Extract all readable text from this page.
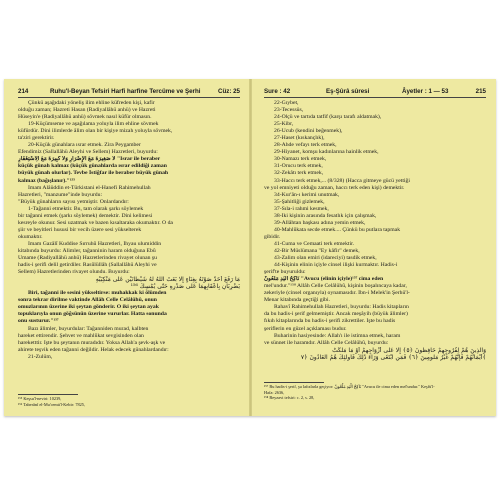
214	Ruhu'l-Beyan Tefsiri Harfi harfine Tercüme ve Şerhi	Cüz: 25
Çünkü aşağıdaki yöneliş ilim ehline küfreden kişi, kafir
olduğu zaman; Hazreti Hasan (Radiyallâhü anhü) ve Hazreti
Hüseyin'e (Radiyallâhü anhü) sövmek nasıl küfür olmasın.
19-Küçümseme ve aşağılama yoluyla ilim ehline sövmek
küfürdür. Dini ilimlerde âlim olan bir kişiye mizah yoluyla sövmek,
ta'ziri gerektirir.
20-Küçük günahlara ısrar etmek. Zira Peygamber
Efendimiz (Sallallâhü Aleyhi ve Sellem) Hazretleri, buyurdu:
لَا صَغِيرَةَ مَعَ الْإِصْرَارِ وَلَا كَبِيرَةَ مَعَ الِاسْتِغْفَارِ "Israr ile beraber
küçük günah kalmaz (küçük günahlarda ısrar edildiği zaman
büyük günah olurlar). Tevbe İstiğfar ile beraber büyük günah
kalmaz (bağışlanır)."¹⁵⁵
İmam Alâüddin et-Türkistani el-Hanefi Rahimehullah
Hazretleri, "manzume"inde buyurdu:
"Büyük günahların sayısı yetmiştir. Onlardandır:
1-Tağanni etmektir. Bu, tam olarak şarkı söylemek
bir tağanni etmek (şarkı söylemek) demektir. Dini kelimesi
kesreyle okunur. Sesi uzatmak ve bazen kısaltaraka okumaktır. O da
şiir ve beyitleri hususi bir vecih üzere sesi yükselterek
okumaktır.
İmam Gazâlî Kuddise Sırruhû Hazretleri, İhyau ulumiddin
kitabında buyurdu: Âlimler, tağanninin haram olduğuna Ebû
Umame (Radiyallâhü anhü) Hazretlerinden rivayet olunan şu
hadis-i şerifi delil getirdiler. Rasûlüllâh (Sallallâhü Aleyhi ve
Sellem) Hazretlerinden rivayet olundu. Buyurdu:
مَا رَفَعَ أَحَدٌ صَوْتَهُ بِغِنَاءٍ إِلَّا بَعَثَ اللّٰهُ لَهُ شَيْطَانَيْنِ عَلَى مَنْكِبَيْهِ
يَضْرِبَانِ بِأَعْقَابِهِمَا عَلَى صَدْرِهِ حَتَّى يُمْسِكَ ¹⁵⁶
Biri, tağanni ile sesini yükseltirse: muhakkak ki ölümden
sonra tekrar dirilme vaktinde Allâh Celle Celâlühû, onun
omuzlarının üzerine iki şeytan gönderir. O iki şeytan ayak
topuklarıyla onun göğsünün üzerine vururlar. Hatta sonunda
onu susturur."¹⁵⁷
Bazı âlimler, buyurdular: Tağanniden murad, kalbten
hareket ettirendir. Şehvet ve mahlûkat sevgisinden olan
hareketttir. İşte bu şeytanın muradıdır. Yoksa Allah'a şevk-aşk ve
ahirete teşvik eden tağanni değildir. Helak edecek günahlardandır:
21-Zulüm,
¹⁵⁵ Keşsu'l-neviri: 10239,
¹⁵⁶ Taberânî el-Mu'cemü'l-Kebir: 7825,
Sure : 42	Eş-Şûrâ sûresi	Âyetler : 1 — 53	215
22-Gıybet,
23-Tecessüs,
24-Ölçü ve tartıda tatfif (karşı tarafı aldatmak),
25-Kibr,
26-Ucub (kendini beğenmek),
27-Haset (kıskançlık),
28-Ahde vefayı terk etmek,
29-Hiyanet, komşu kadınlarına hainlik etmek,
30-Namazı terk etmek,
31-Orucu terk etmek,
32-Zekâtı terk etmek,
33-Haccı terk etmek,... (8/328) (Hacca gitmeye gücü yettiği
ve yol emniyeti olduğu zaman, haccı terk eden kişi) demektir.
34-Kur'ân-ı kerimi unutmak,
35-Şahitliği gizlemek,
37-Sıla-i rahmi kesmek,
38-İki kişinin arasında fesatlık için çalışmak,
39-Allâhtan başkası adına yemin etmek,
40-Mahlûkata secde etmek.... Çünkü bu putlara tapmak
gibidir.
41-Cuma ve Cemaati terk etmektir.
42-Bir Müslümana "Ey kâfir" demek,
43-Zalim olan emiri (idareciyi) tasdik etmek,
44-Kişinin elinin içiyle cinsel ilişki kurmaktır. Hadis-i
şerif'te buyuruldu:
نَاكِحُ الْيَدِ مَلْعُونٌ "Avucu (elinin içiyle)¹⁵⁷ cima eden
mel'undur."¹⁵⁸ Allâh Celle Celâlühû, kişinin boşalıncaya kadar,
zekeriyle (cinsel organıyla) oynamasıdır. İbn-i Melek'in Şerhü'l-
Menar kitabında geçtiği gibi.
Rahavî Rahimehullah Hazretleri, buyurdu: Hadis kitapların
da bu hadis-i şerif gelmemiştir. Ancak meşâyih (büyük âlimler)
fıkıh kitaplarında bu hadis-i şerifi zikrettiler. İşte bu hadis
şeriflerin en güzel açıklaması budur.
Buharinin hasiyesinde: Allah'ı ile istimna etmek, haram
ve sünnet ile haramdır. Allâh Celle Celâlühû, buyurdu:
وَالَّذِينَ هُمْ لِفُرُوجِهِمْ حَافِظُونَ ﴿٥﴾ إِلَّا عَلَى أَزْوَاجِهِمْ أَوْ مَا مَلَكَتْ
أَيْمَانُهُمْ فَإِنَّهُمْ غَيْرُ مَلُومِينَ ﴿٦﴾ فَمَنِ ابْتَغَى وَرَاءَ ذَٰلِكَ فَأُولَٰئِكَ هُمُ الْعَادُونَ ﴿٧﴾
¹⁵⁷ Bu hadis-i şerif, şu lafızlarla geçiyor: نَاكِحُ الْيَدِ مَلْعُونٌ "Avucu ile cima eden mel'undur." Keşfü'l-
Hafa: 2636,
¹⁵⁸ Beyzavi tefsiri: c. 2, s. 28,
